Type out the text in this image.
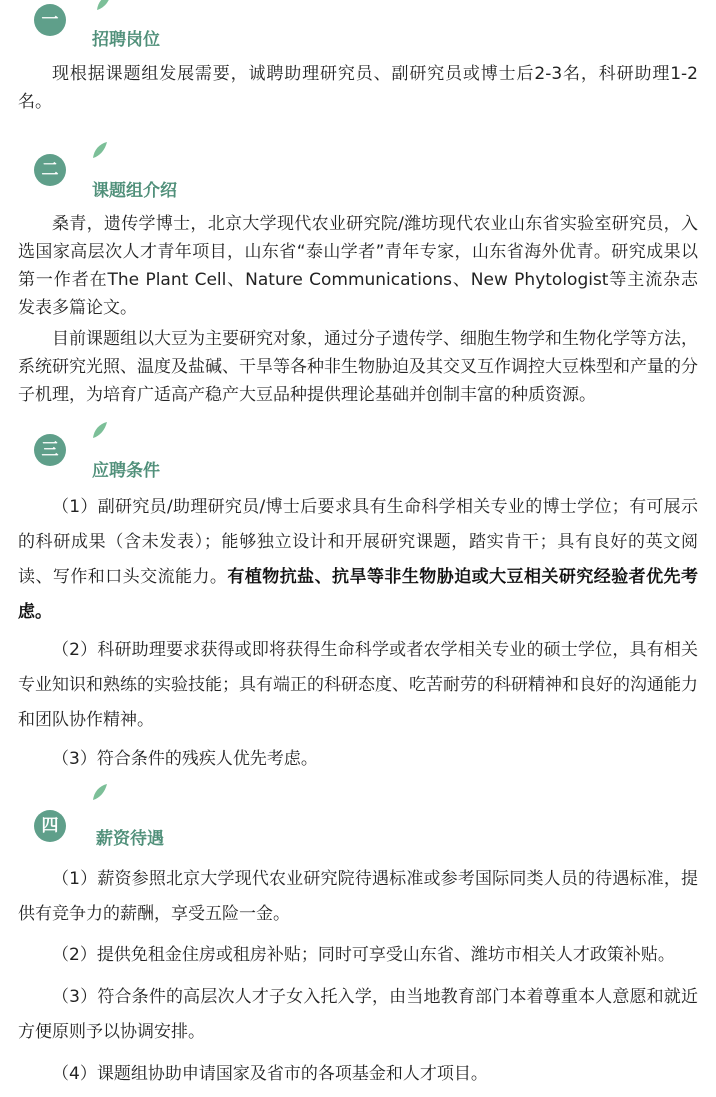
一
招聘岗位

现根据课题组发展需要，诚聘助理研究员、副研究员或博士后2-3名，科研助理1-2名。

二
课题组介绍

桑青，遗传学博士，北京大学现代农业研究院/潍坊现代农业山东省实验室研究员，入选国家高层次人才青年项目，山东省“泰山学者”青年专家，山东省海外优青。研究成果以第一作者在The Plant Cell、Nature Communications、New Phytologist等主流杂志发表多篇论文。

目前课题组以大豆为主要研究对象，通过分子遗传学、细胞生物学和生物化学等方法，系统研究光照、温度及盐碱、干旱等各种非生物胁迫及其交叉互作调控大豆株型和产量的分子机理，为培育广适高产稳产大豆品种提供理论基础并创制丰富的种质资源。

三
应聘条件

（1）副研究员/助理研究员/博士后要求具有生命科学相关专业的博士学位；有可展示的科研成果（含未发表）；能够独立设计和开展研究课题，踏实肯干；具有良好的英文阅读、写作和口头交流能力。有植物抗盐、抗旱等非生物胁迫或大豆相关研究经验者优先考虑。

（2）科研助理要求获得或即将获得生命科学或者农学相关专业的硕士学位，具有相关专业知识和熟练的实验技能；具有端正的科研态度、吃苦耐劳的科研精神和良好的沟通能力和团队协作精神。

（3）符合条件的残疾人优先考虑。

四
薪资待遇

（1）薪资参照北京大学现代农业研究院待遇标准或参考国际同类人员的待遇标准，提供有竞争力的薪酬，享受五险一金。

（2）提供免租金住房或租房补贴；同时可享受山东省、潍坊市相关人才政策补贴。

（3）符合条件的高层次人才子女入托入学，由当地教育部门本着尊重本人意愿和就近方便原则予以协调安排。

（4）课题组协助申请国家及省市的各项基金和人才项目。
